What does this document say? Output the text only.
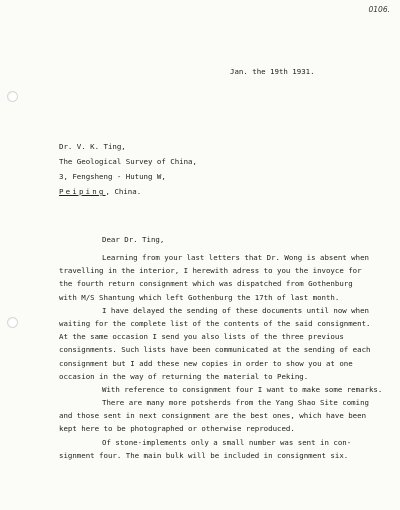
0106.
Jan. the 19th 1931.
Dr. V. K. Ting,
The Geological Survey of China,
3, Fengsheng - Hutung W,
Peiping, China.
Dear Dr. Ting,
Learning from your last letters that Dr. Wong is absent when
travelling in the interior, I herewith adress to you the invoyce for
the fourth return consignment which was dispatched from Gothenburg
with M/S Shantung which left Gothenburg the 17th of last month.
I have delayed the sending of these documents until now when
waiting for the complete list of the contents of the said consignment.
At the same occasion I send you also lists of the three previous
consignments. Such lists have been communicated at the sending of each
consignment but I add these new copies in order to show you at one
occasion in the way of returning the material to Peking.
With reference to consignment four I want to make some remarks.
There are many more potsherds from the Yang Shao Site coming
and those sent in next consignment are the best ones, which have been
kept here to be photographed or otherwise reproduced.
Of stone-implements only a small number was sent in con-
signment four. The main bulk will be included in consignment six.
